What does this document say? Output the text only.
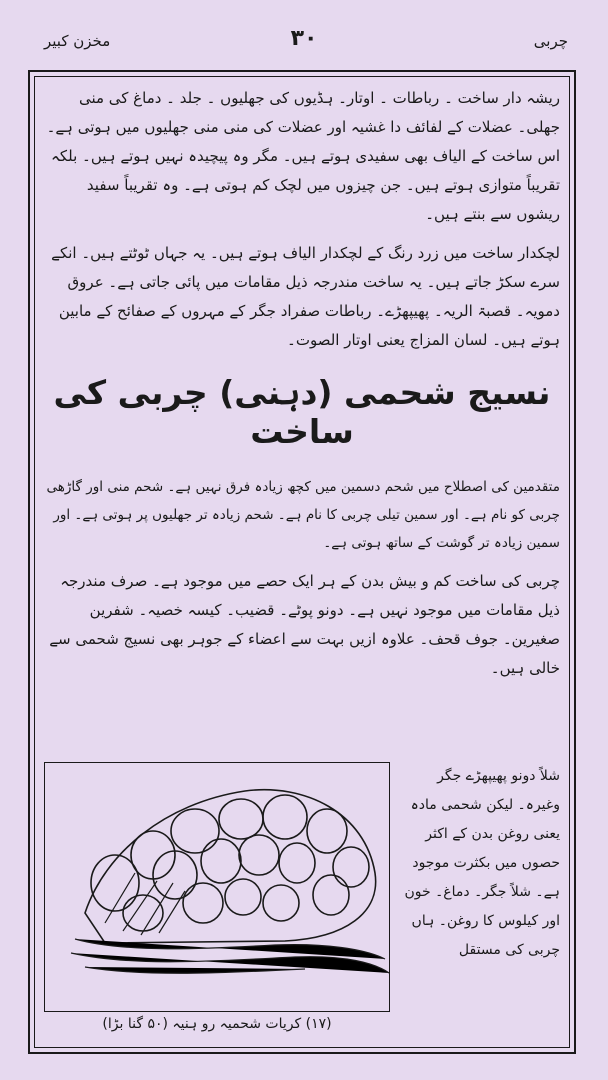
مخزن کبیر	۳۰	چربی

ریشہ دار ساخت ۔ رباطات ۔ اوتار۔ ہڈیوں کی جھلیوں ۔ جلد ۔ دماغ کی منی جھلی۔ عضلات کے لفائف دا غشیہ اور عضلات کی منی منی جھلیوں میں ہوتی ہے۔ اس ساخت کے الیاف بھی سفیدی ہوتے ہیں۔ مگر وہ پیچیدہ نہیں ہوتے ہیں۔ بلکہ تقریباً متوازی ہوتے ہیں۔ جن چیزوں میں لچک کم ہوتی ہے۔ وہ تقریباً سفید ریشوں سے بنتے ہیں۔

لچکدار ساخت میں زرد رنگ کے لچکدار الیاف ہوتے ہیں۔ یہ جہاں ٹوٹتے ہیں۔ انکے سرے سکڑ جاتے ہیں۔ یہ ساخت مندرجہ ذیل مقامات میں پائی جاتی ہے۔ عروق دمویہ۔ قصبۃ الریہ۔ پھیپھڑے۔ رباطات صفراد جگر کے مہروں کے صفائح کے مابین ہوتے ہیں۔ لسان المزاج یعنی اوتار الصوت۔

نسیج شحمی (دہنی) چربی کی ساخت

متقدمین کی اصطلاح میں شحم دسمین میں کچھ زیادہ فرق نہیں ہے۔ شحم منی اور گاڑھی چربی کو نام ہے۔ اور سمین تیلی چربی کا نام ہے۔ شحم زیادہ تر جھلیوں پر ہوتی ہے۔ اور سمین زیادہ تر گوشت کے ساتھ ہوتی ہے۔

چربی کی ساخت کم و بیش بدن کے ہر ایک حصے میں موجود ہے۔ صرف مندرجہ ذیل مقامات میں موجود نہیں ہے۔ دونو پوٹے۔ قضیب۔ کیسہ خصیہ۔ شفرین صغیرین۔ جوف قحف۔ علاوہ ازیں بہت سے اعضاء کے جوہر بھی نسیج شحمی سے خالی ہیں۔

(۱۷) کریات شحمیہ رو ہنیہ (۵۰ گنا بڑا)
شلاً دونو پھیپھڑے جگر وغیرہ۔ لیکن شحمی مادہ یعنی روغن بدن کے اکثر حصوں میں بکثرت موجود ہے۔ شلاً جگر۔ دماغ۔ خون اور کیلوس کا روغن۔ ہاں چربی کی مستقل
